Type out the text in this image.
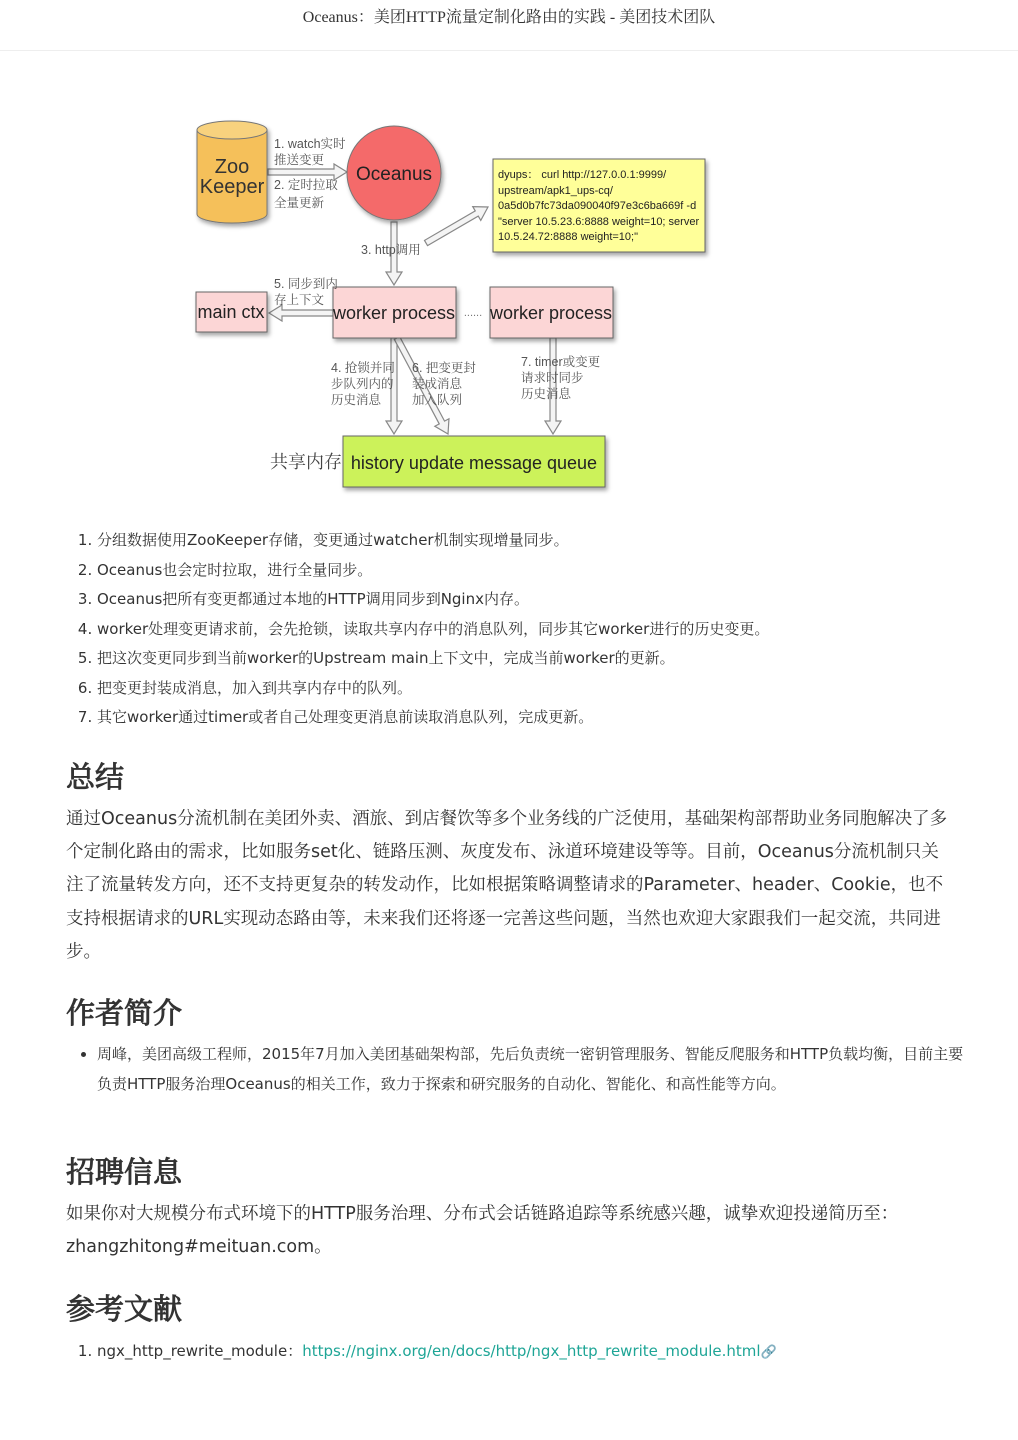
Oceanus：美团HTTP流量定制化路由的实践 - 美团技术团队
Zoo
Keeper
Oceanus	dyups： curl http://127.0.0.1:9999/
upstream/apk1_ups-cq/
0a5d0b7fc73da090040f97e3c6ba669f -d
"server 10.5.23.6:8888 weight=10; server
10.5.24.72:8888 weight=10;"
main ctx	worker process worker process
......
history update message queue
共享内存
1. watch实时
推送变更
2. 定时拉取
全量更新
3. http调用
5. 同步到内
存上下文
4. 抢锁并同
步队列内的
历史消息
6. 把变更封
装成消息
加入队列
7. timer或变更
请求时同步
历史消息
1. 分组数据使用ZooKeeper存储，变更通过watcher机制实现增量同步。
2. Oceanus也会定时拉取，进行全量同步。
3. Oceanus把所有变更都通过本地的HTTP调用同步到Nginx内存。
4. worker处理变更请求前，会先抢锁，读取共享内存中的消息队列，同步其它worker进行的历史变更。
5. 把这次变更同步到当前worker的Upstream main上下文中，完成当前worker的更新。
6. 把变更封装成消息，加入到共享内存中的队列。
7. 其它worker通过timer或者自己处理变更消息前读取消息队列，完成更新。
总结

通过Oceanus分流机制在美团外卖、酒旅、到店餐饮等多个业务线的广泛使用，基础架构部帮助业务同胞解决了多个定制化路由的需求，比如服务set化、链路压测、灰度发布、泳道环境建设等等。目前，Oceanus分流机制只关注了流量转发方向，还不支持更复杂的转发动作，比如根据策略调整请求的Parameter、header、Cookie，也不支持根据请求的URL实现动态路由等，未来我们还将逐一完善这些问题，当然也欢迎大家跟我们一起交流，共同进步。

作者简介
• 周峰，美团高级工程师，2015年7月加入美团基础架构部，先后负责统一密钥管理服务、智能反爬服务和HTTP负载均衡，目前主要负责HTTP服务治理Oceanus的相关工作，致力于探索和研究服务的自动化、智能化、和高性能等方向。
招聘信息

如果你对大规模分布式环境下的HTTP服务治理、分布式会话链路追踪等系统感兴趣，诚挚欢迎投递简历至：zhangzhitong#meituan.com。

参考文献
1. ngx_http_rewrite_module：https://nginx.org/en/docs/http/ngx_http_rewrite_module.html🔗
